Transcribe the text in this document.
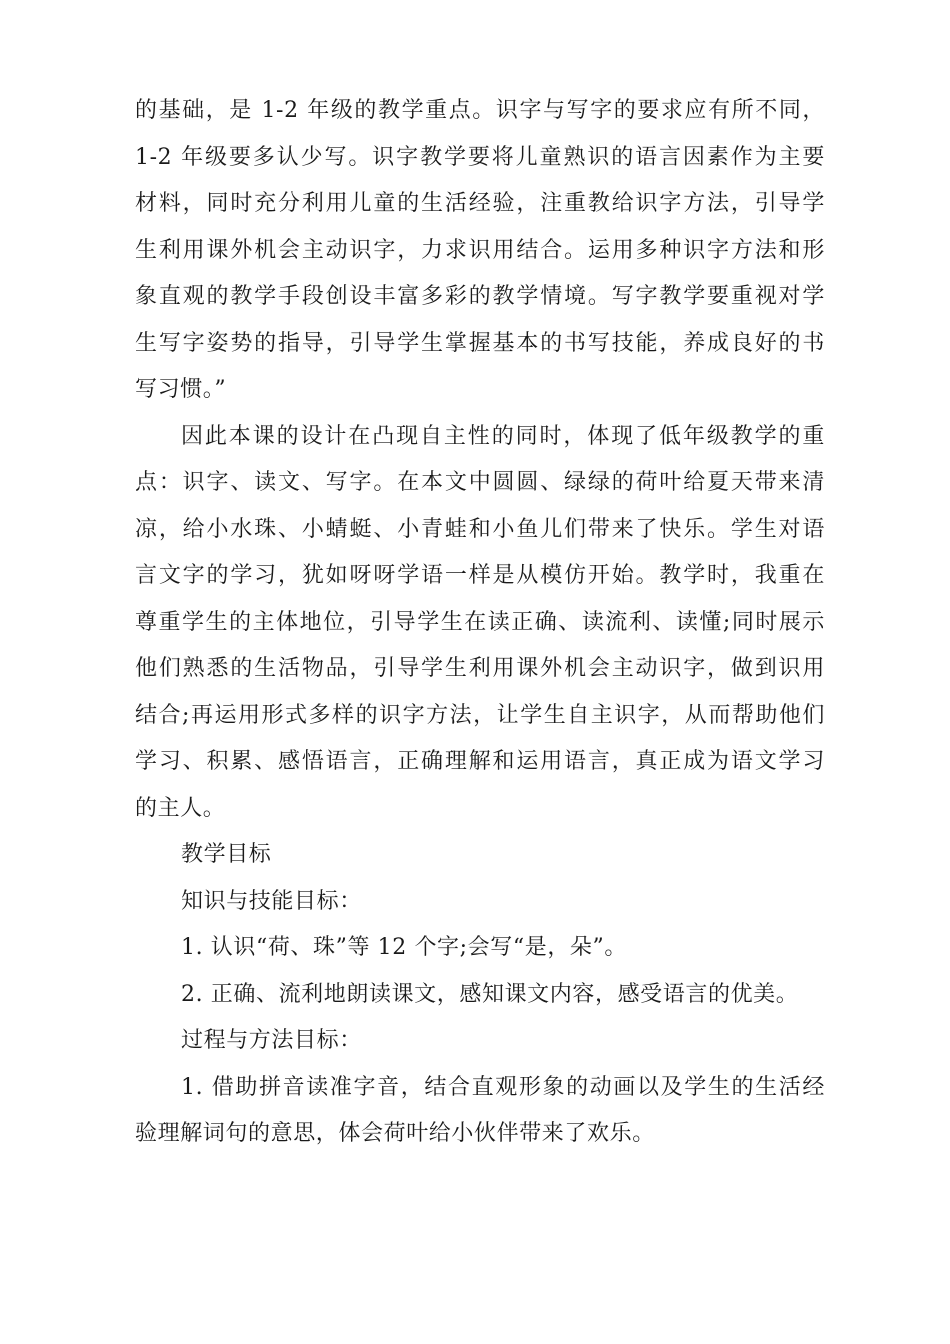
的基础，是 1-2 年级的教学重点。识字与写字的要求应有所不同，
1-2 年级要多认少写。识字教学要将儿童熟识的语言因素作为主要
材料，同时充分利用儿童的生活经验，注重教给识字方法，引导学
生利用课外机会主动识字，力求识用结合。运用多种识字方法和形
象直观的教学手段创设丰富多彩的教学情境。写字教学要重视对学
生写字姿势的指导，引导学生掌握基本的书写技能，养成良好的书
写习惯。”
因此本课的设计在凸现自主性的同时，体现了低年级教学的重
点：识字、读文、写字。在本文中圆圆、绿绿的荷叶给夏天带来清
凉，给小水珠、小蜻蜓、小青蛙和小鱼儿们带来了快乐。学生对语
言文字的学习，犹如呀呀学语一样是从模仿开始。教学时，我重在
尊重学生的主体地位，引导学生在读正确、读流利、读懂;同时展示
他们熟悉的生活物品，引导学生利用课外机会主动识字，做到识用
结合;再运用形式多样的识字方法，让学生自主识字，从而帮助他们
学习、积累、感悟语言，正确理解和运用语言，真正成为语文学习
的主人。
教学目标
知识与技能目标：
1. 认识“荷、珠”等 12 个字;会写“是，朵”。
2. 正确、流利地朗读课文，感知课文内容，感受语言的优美。
过程与方法目标：
1. 借助拼音读准字音，结合直观形象的动画以及学生的生活经
验理解词句的意思，体会荷叶给小伙伴带来了欢乐。
